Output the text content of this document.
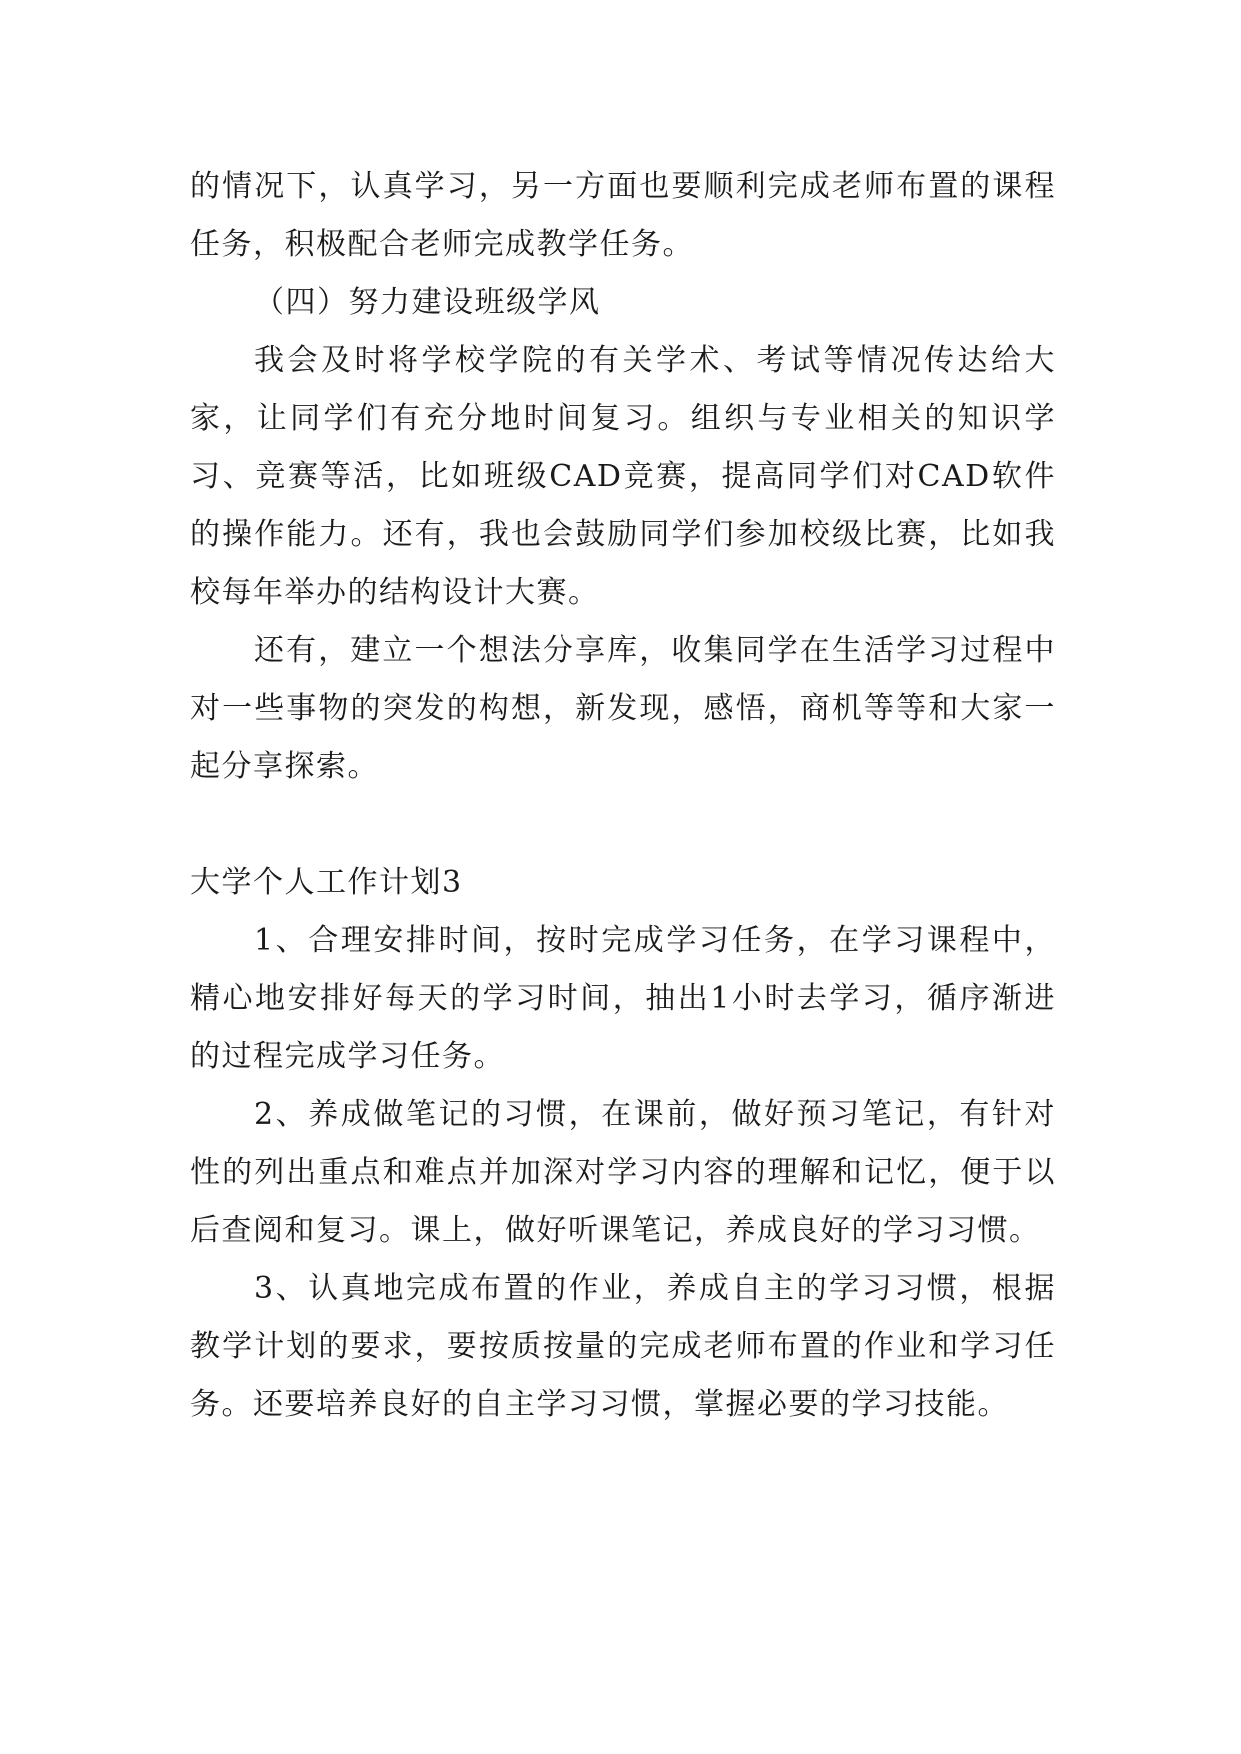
的情况下，认真学习，另一方面也要顺利完成老师布置的课程任务，积极配合老师完成教学任务。

（四）努力建设班级学风

我会及时将学校学院的有关学术、考试等情况传达给大家，让同学们有充分地时间复习。组织与专业相关的知识学习、竞赛等活，比如班级CAD竞赛，提高同学们对CAD软件的操作能力。还有，我也会鼓励同学们参加校级比赛，比如我校每年举办的结构设计大赛。

还有，建立一个想法分享库，收集同学在生活学习过程中对一些事物的突发的构想，新发现，感悟，商机等等和大家一起分享探索。

大学个人工作计划3

1、合理安排时间，按时完成学习任务，在学习课程中，精心地安排好每天的学习时间，抽出1小时去学习，循序渐进的过程完成学习任务。

2、养成做笔记的习惯，在课前，做好预习笔记，有针对性的列出重点和难点并加深对学习内容的理解和记忆，便于以后查阅和复习。课上，做好听课笔记，养成良好的学习习惯。

3、认真地完成布置的作业，养成自主的学习习惯，根据教学计划的要求，要按质按量的完成老师布置的作业和学习任务。还要培养良好的自主学习习惯，掌握必要的学习技能。
